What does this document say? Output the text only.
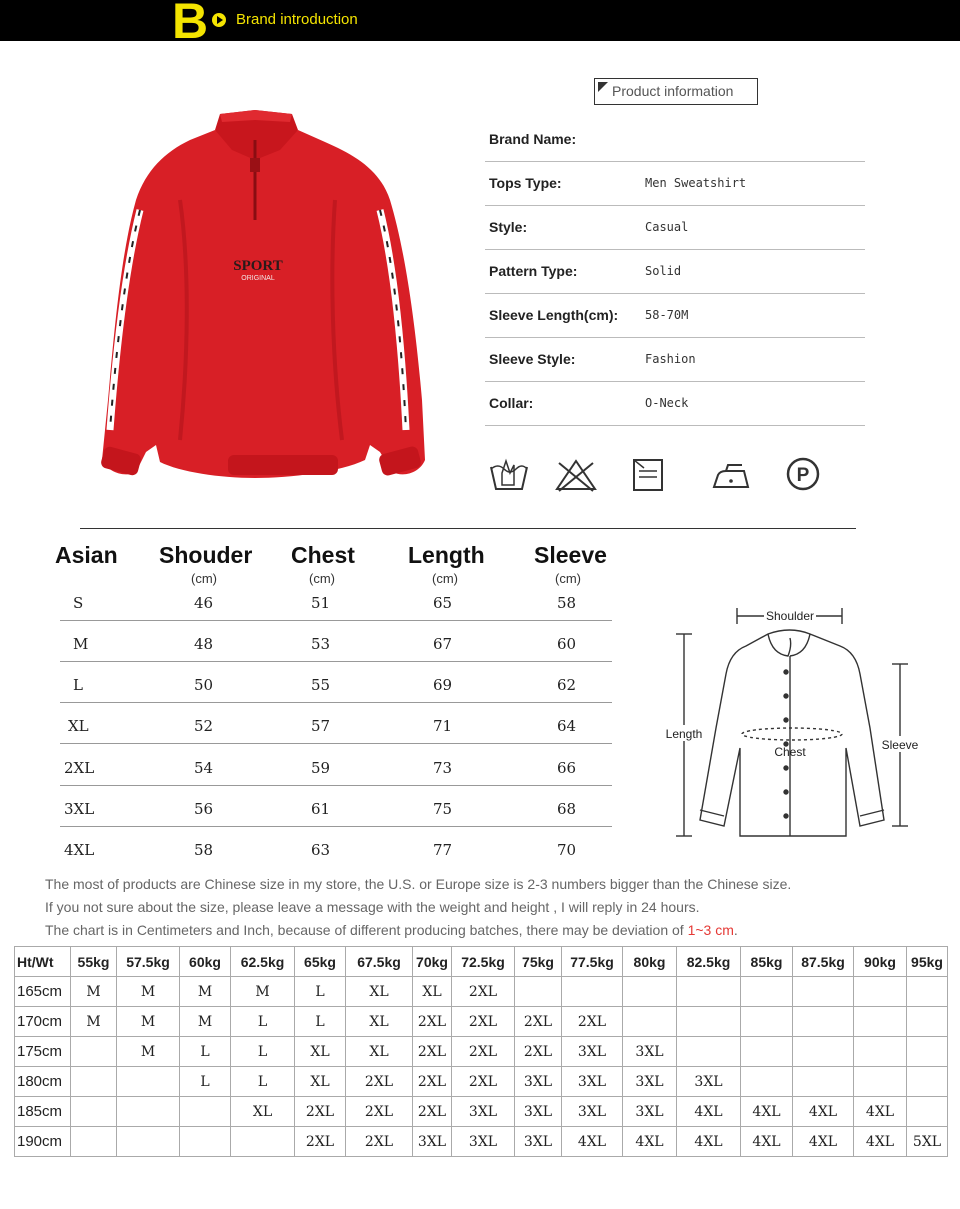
B Brand introduction
SPORT
ORIGINAL
Product information
Brand Name:
Tops Type:	Men Sweatshirt
Style:	Casual
Pattern Type:	Solid
Sleeve Length(cm): 58-70M
Sleeve Style:	Fashion
Collar:	O-Neck
P
Asian Shouder Chest Length Sleeve
(cm)	(cm)	(cm)	(cm)
S	46	51	65	58
M	48	53	67	60
L	50	55	69	62
XL	52	57	71	64
2XL	54	59	73	66
3XL	56	61	75	68
4XL	58	63	77	70
Shoulder
Length
Chest	Sleeve
The most of products are Chinese size in my store, the U.S. or Europe size is 2-3 numbers bigger than the Chinese size.
If you not sure about the size, please leave a message with the weight and height , I will reply in 24 hours.
The chart is in Centimeters and Inch, because of different producing batches, there may be deviation of 1~3 cm.
Ht/Wt	55kg	57.5kg	60kg	62.5kg	65kg	67.5kg	70kg	72.5kg	75kg	77.5kg	80kg	82.5kg	85kg	87.5kg	90kg	95kg
165cm	M	M	M	M	L	XL	XL	2XL								
170cm	M	M	M	L	L	XL	2XL	2XL	2XL	2XL						
175cm		M	L	L	XL	XL	2XL	2XL	2XL	3XL	3XL					
180cm			L	L	XL	2XL	2XL	2XL	3XL	3XL	3XL	3XL				
185cm				XL	2XL	2XL	2XL	3XL	3XL	3XL	3XL	4XL	4XL	4XL	4XL	
190cm					2XL	2XL	3XL	3XL	3XL	4XL	4XL	4XL	4XL	4XL	4XL	5XL
